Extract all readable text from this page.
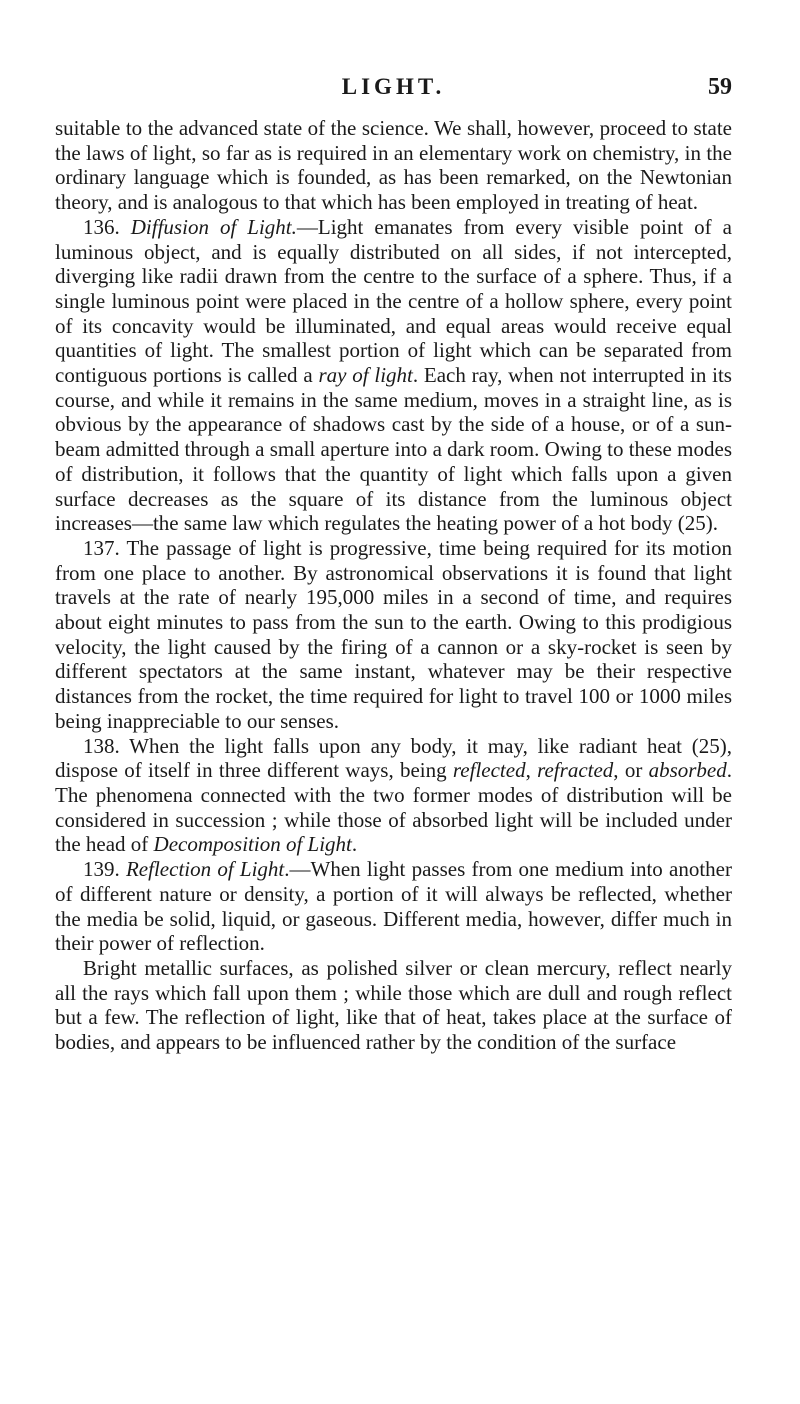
LIGHT.	59

suitable to the advanced state of the science. We shall, however, proceed to state the laws of light, so far as is required in an elementary work on chemistry, in the ordinary language which is founded, as has been remarked, on the Newtonian theory, and is analogous to that which has been employed in treating of heat.

136. Diffusion of Light.—Light emanates from every visible point of a luminous object, and is equally distributed on all sides, if not intercepted, diverging like radii drawn from the centre to the surface of a sphere. Thus, if a single luminous point were placed in the centre of a hollow sphere, every point of its concavity would be illuminated, and equal areas would receive equal quantities of light. The smallest portion of light which can be separated from contiguous portions is called a ray of light. Each ray, when not interrupted in its course, and while it remains in the same medium, moves in a straight line, as is obvious by the appearance of shadows cast by the side of a house, or of a sun-beam admitted through a small aperture into a dark room. Owing to these modes of distribution, it follows that the quantity of light which falls upon a given surface decreases as the square of its distance from the luminous object increases—the same law which regulates the heating power of a hot body (25).

137. The passage of light is progressive, time being required for its motion from one place to another. By astronomical observations it is found that light travels at the rate of nearly 195,000 miles in a second of time, and requires about eight minutes to pass from the sun to the earth. Owing to this prodigious velocity, the light caused by the firing of a cannon or a sky-rocket is seen by different spectators at the same instant, whatever may be their respective distances from the rocket, the time required for light to travel 100 or 1000 miles being inappreciable to our senses.

138. When the light falls upon any body, it may, like radiant heat (25), dispose of itself in three different ways, being reflected, refracted, or absorbed. The phenomena connected with the two former modes of distribution will be considered in succession ; while those of absorbed light will be included under the head of Decomposition of Light.

139. Reflection of Light.—When light passes from one medium into another of different nature or density, a portion of it will always be reflected, whether the media be solid, liquid, or gaseous. Different media, however, differ much in their power of reflection.

Bright metallic surfaces, as polished silver or clean mercury, reflect nearly all the rays which fall upon them ; while those which are dull and rough reflect but a few. The reflection of light, like that of heat, takes place at the surface of bodies, and appears to be influenced rather by the condition of the surface
